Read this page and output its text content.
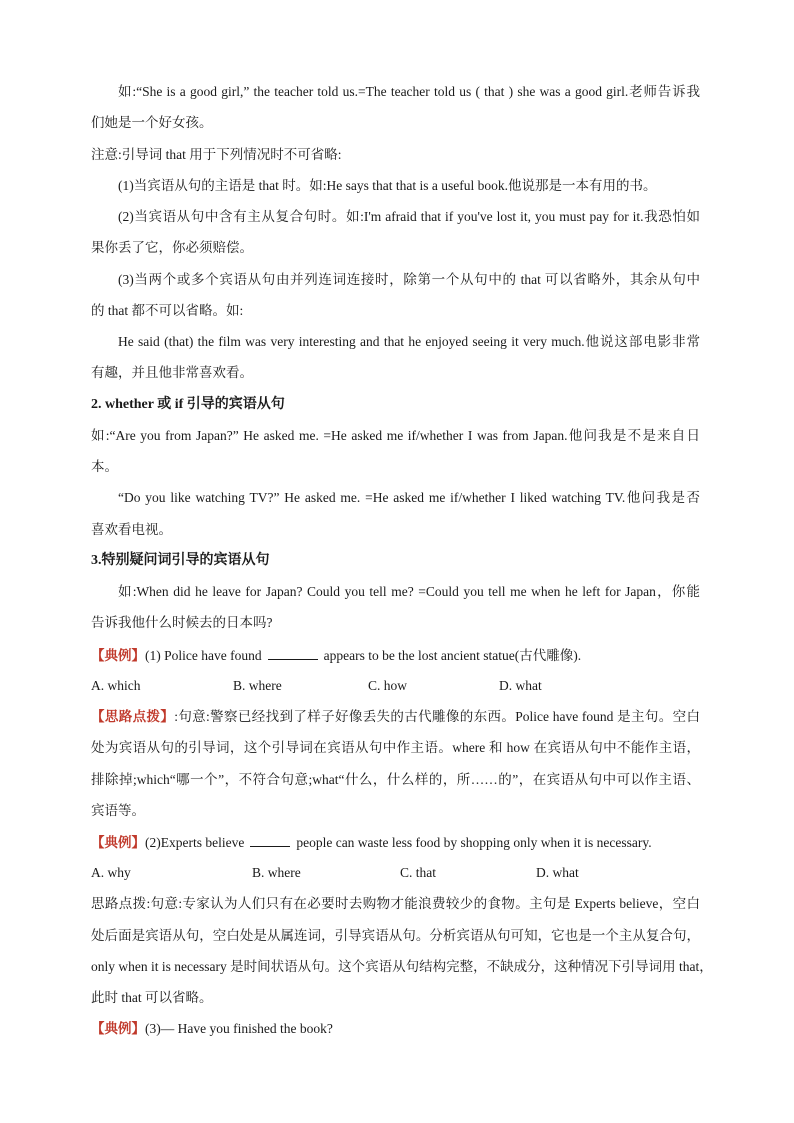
如:“She is a good girl,” the teacher told us.=The teacher told us ( that ) she was a good girl.老师告诉我
们她是一个好女孩。
注意:引导词 that 用于下列情况时不可省略:
(1)当宾语从句的主语是 that 时。如:He says that that is a useful book.他说那是一本有用的书。
(2)当宾语从句中含有主从复合句时。如:I'm afraid that if you've lost it, you must pay for it.我恐怕如
果你丢了它，你必须赔偿。
(3)当两个或多个宾语从句由并列连词连接时，除第一个从句中的 that 可以省略外，其余从句中
的 that 都不可以省略。如:
He said (that) the film was very interesting and that he enjoyed seeing it very much.他说这部电影非常
有趣，并且他非常喜欢看。
2. whether 或 if 引导的宾语从句
如:“Are you from Japan?” He asked me. =He asked me if/whether I was from Japan.他问我是不是来自日
本。
“Do you like watching TV?” He asked me. =He asked me if/whether I liked watching TV.他问我是否
喜欢看电视。
3.特别疑问词引导的宾语从句
如:When did he leave for Japan? Could you tell me? =Could you tell me when he left for Japan，你能
告诉我他什么时候去的日本吗?
【典例】(1) Police have found	appears to be the lost ancient statue(古代雕像).
A. which	B. where	C. how	D. what
【思路点拨】:句意:警察已经找到了样子好像丢失的古代雕像的东西。Police have found 是主句。空白
处为宾语从句的引导词，这个引导词在宾语从句中作主语。where 和 how 在宾语从句中不能作主语，
排除掉;which“哪一个”，不符合句意;what“什么，什么样的，所……的”，在宾语从句中可以作主语、
宾语等。
【典例】(2)Experts believe	people can waste less food by shopping only when it is necessary.
A. why	B. where	C. that	D. what
思路点拨:句意:专家认为人们只有在必要时去购物才能浪费较少的食物。主句是 Experts believe，空白
处后面是宾语从句，空白处是从属连词，引导宾语从句。分析宾语从句可知，它也是一个主从复合句，
only when it is necessary 是时间状语从句。这个宾语从句结构完整，不缺成分，这种情况下引导词用 that，
此时 that 可以省略。
【典例】(3)— Have you finished the book?
